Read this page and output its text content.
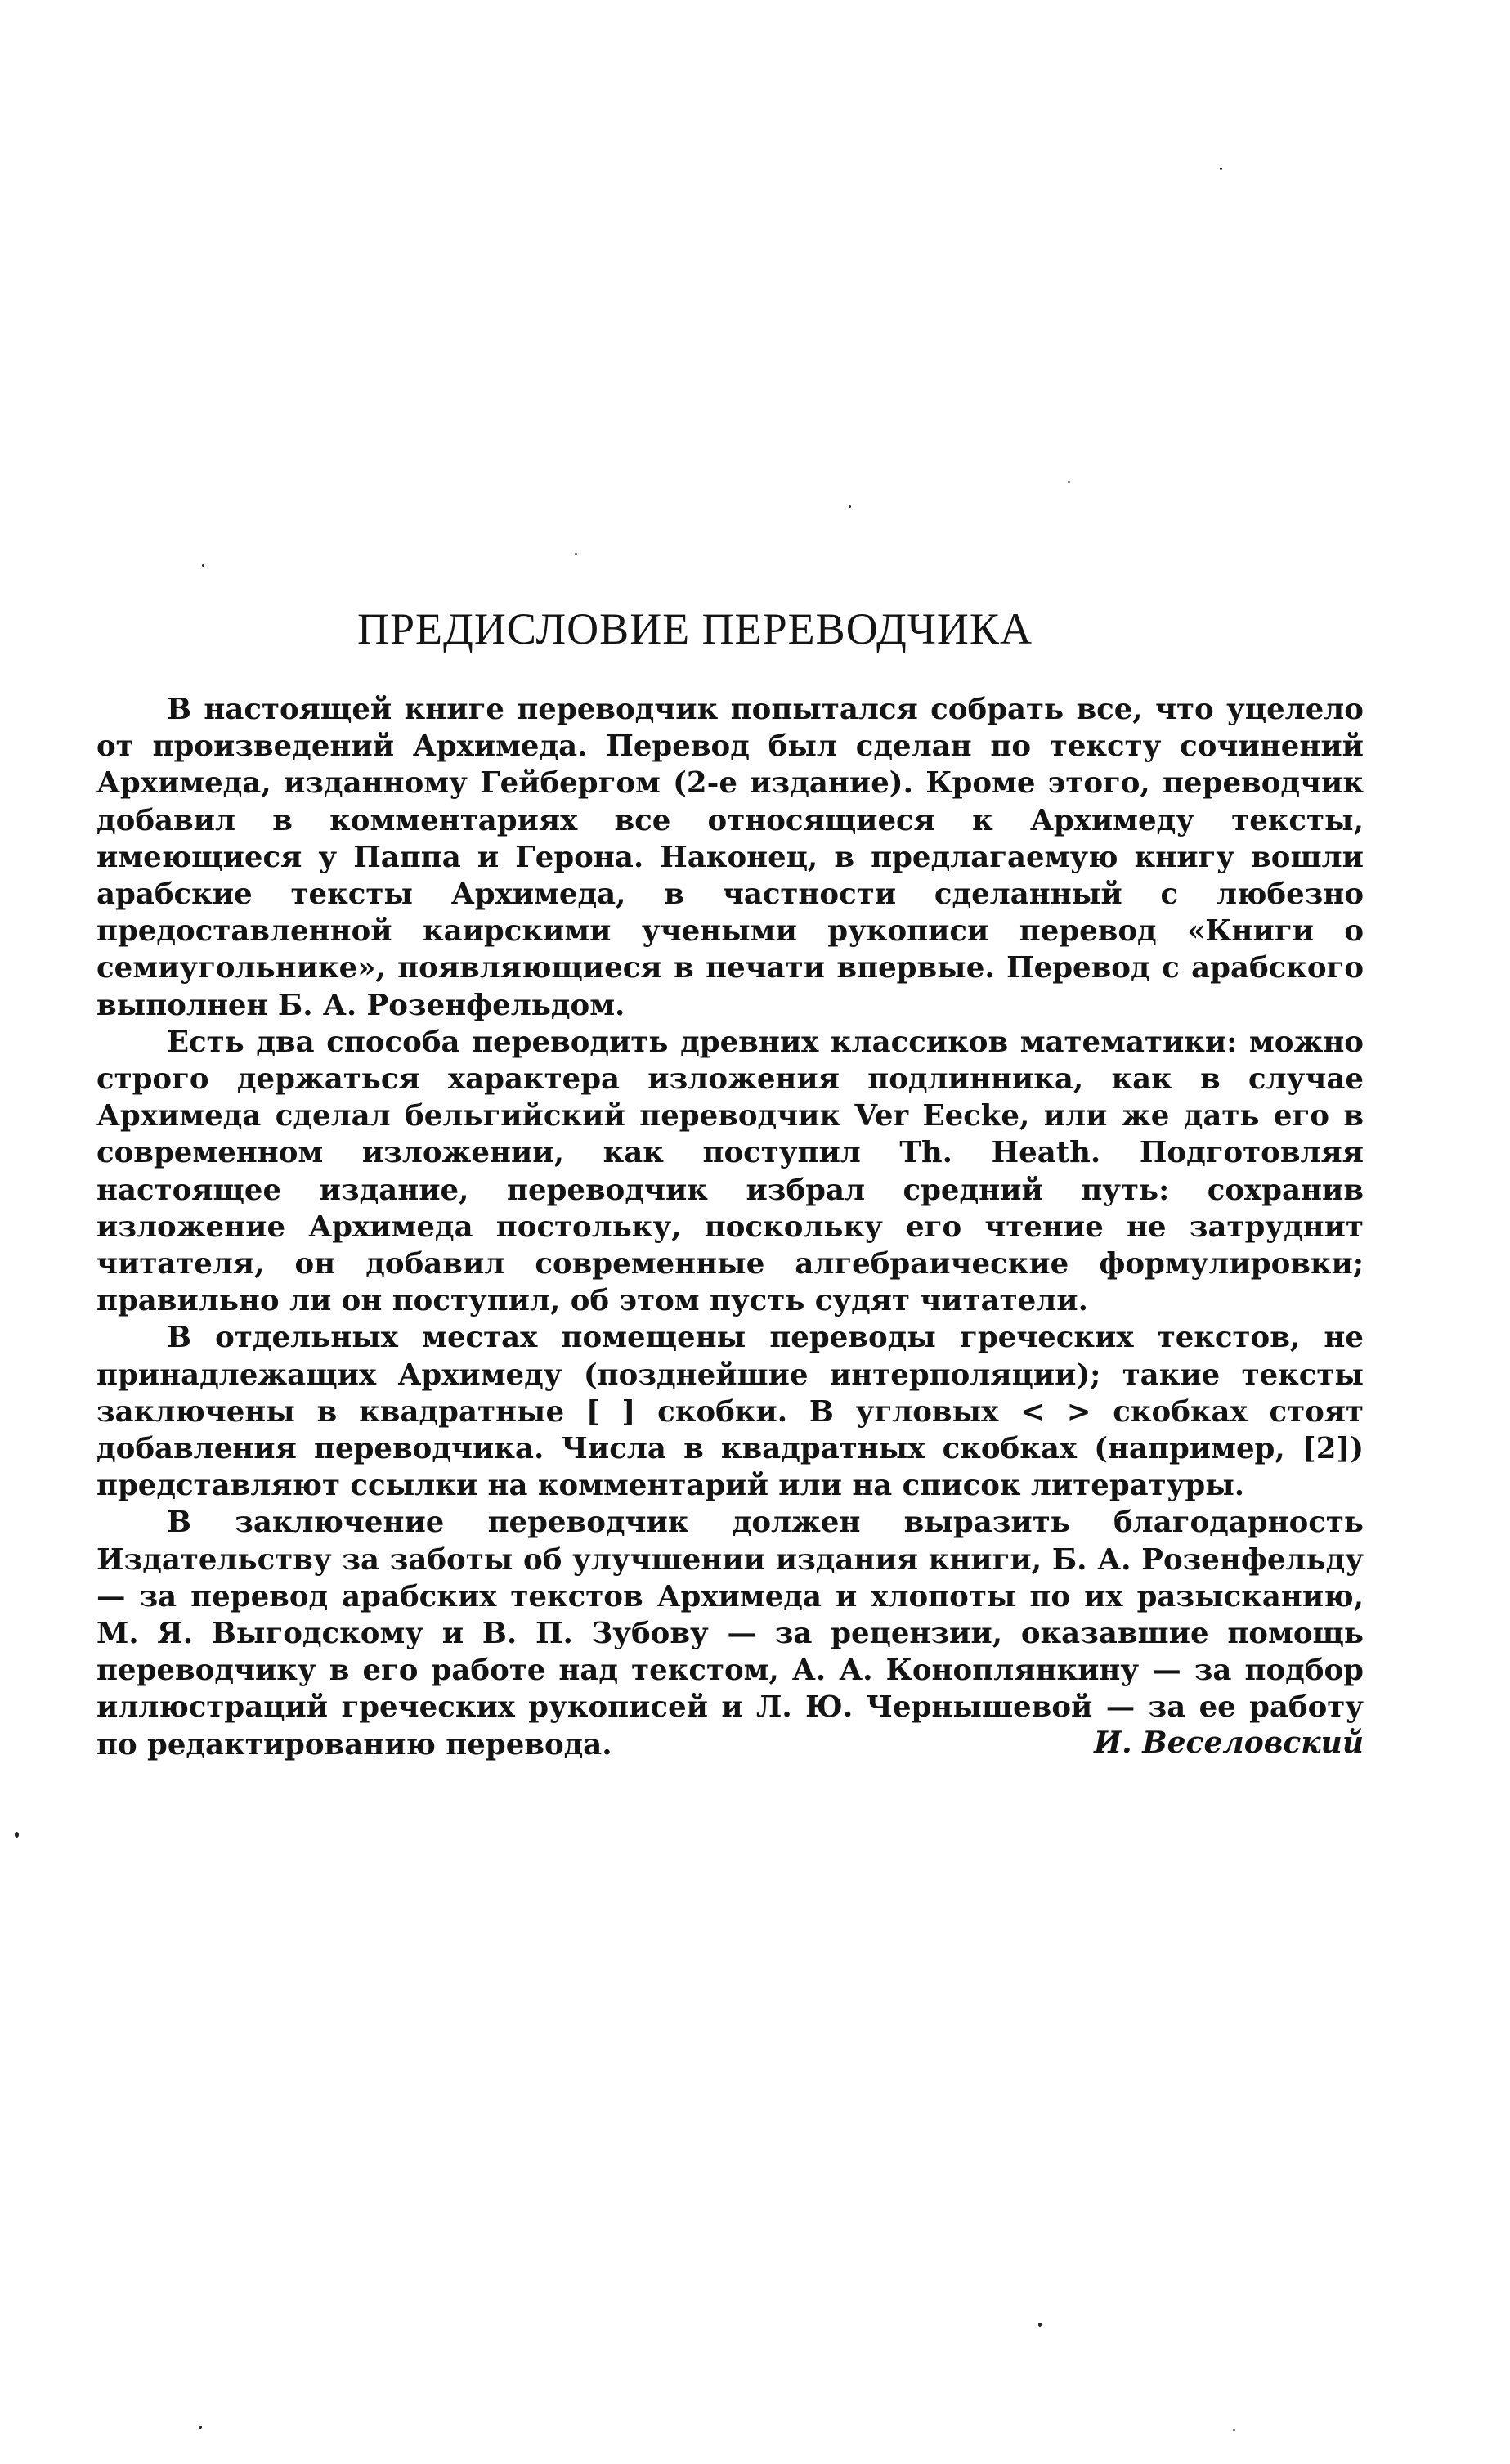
ПРЕДИСЛОВИЕ ПЕРЕВОДЧИКА

В настоящей книге переводчик попытался собрать все, что уцелело от произведений Архимеда. Перевод был сделан по тексту сочинений Архимеда, изданному Гейбергом (2-е издание). Кроме этого, переводчик добавил в комментариях все относящиеся к Архимеду тексты, имеющиеся у Паппа и Герона. Наконец, в предлагаемую книгу вошли арабские тексты Архимеда, в частности сделанный с любезно предоставленной каирскими учеными рукописи перевод «Книги о семиугольнике», появляющиеся в печати впервые. Перевод с арабского выполнен Б. А. Розенфельдом.

Есть два способа переводить древних классиков математики: можно строго держаться характера изложения подлинника, как в случае Архимеда сделал бельгийский переводчик Ver Eecke, или же дать его в современном изложении, как поступил Th. Heath. Подготовляя настоящее издание, переводчик избрал средний путь: сохранив изложение Архимеда постольку, поскольку его чтение не затруднит читателя, он добавил современные алгебраические формулировки; правильно ли он поступил, об этом пусть судят читатели.

В отдельных местах помещены переводы греческих текстов, не принадлежащих Архимеду (позднейшие интерполяции); такие тексты заключены в квадратные [ ] скобки. В угловых < > скобках стоят добавления переводчика. Числа в квадратных скобках (например, [2]) представляют ссылки на комментарий или на список литературы.

В заключение переводчик должен выразить благодарность Издательству за заботы об улучшении издания книги, Б. А. Розенфельду — за перевод арабских текстов Архимеда и хлопоты по их разысканию, М. Я. Выгодскому и В. П. Зубову — за рецензии, оказавшие помощь переводчику в его работе над текстом, А. А. Коноплянкину — за подбор иллюстраций греческих рукописей и Л. Ю. Чернышевой — за ее работу по редактированию перевода.	И. Веселовский
